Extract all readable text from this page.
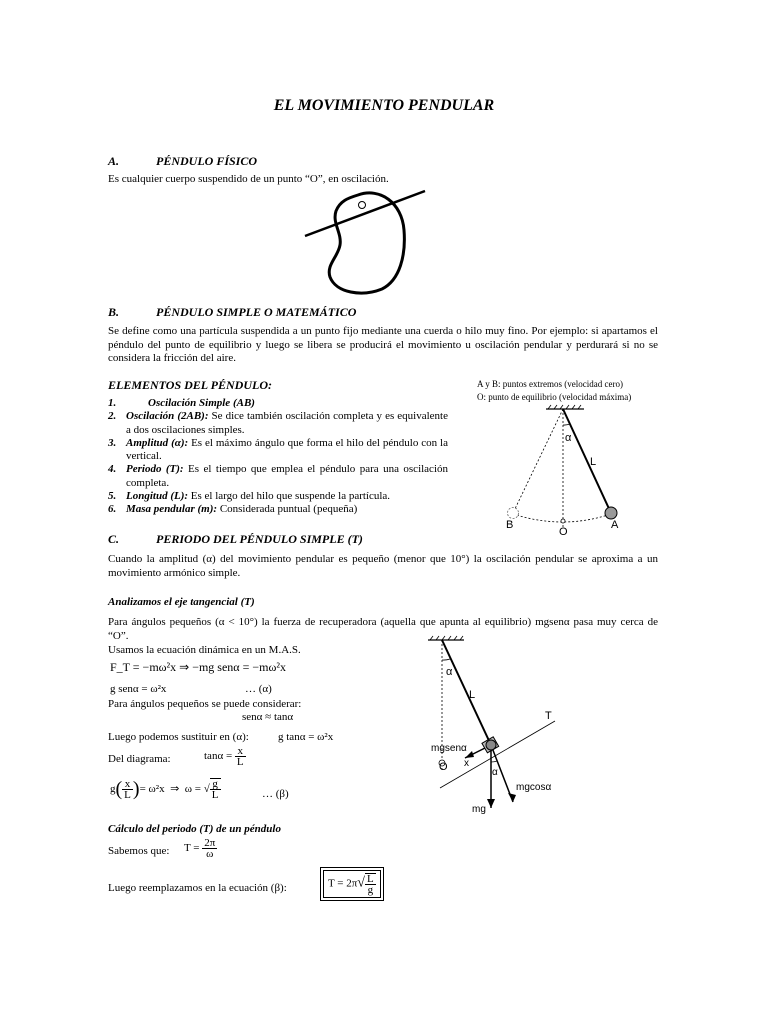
EL MOVIMIENTO PENDULAR
A.	PÉNDULO FÍSICO
Es cualquier cuerpo suspendido de un punto “O”, en oscilación.
B.	PÉNDULO SIMPLE O MATEMÁTICO
Se define como una partícula suspendida a un punto fijo mediante una cuerda o hilo muy fino. Por ejemplo: si apartamos el péndulo del punto de equilibrio y luego se libera se producirá el movimiento u oscilación pendular y perdurará si no se considera la fricción del aire.
ELEMENTOS DEL PÉNDULO:
1.	Oscilación Simple (AB)
2. Oscilación (2AB): Se dice también oscilación completa y es equivalente a dos oscilaciones simples.
3. Amplitud (α): Es el máximo ángulo que forma el hilo del péndulo con la vertical.
4. Periodo (T): Es el tiempo que emplea el péndulo para una oscilación completa.
5. Longitud (L): Es el largo del hilo que suspende la partícula.
6. Masa pendular (m): Considerada puntual (pequeña)
A y B: puntos extremos (velocidad cero)
O: punto de equilibrio (velocidad máxima)
α
L
B
O
A
C.	PERIODO DEL PÉNDULO SIMPLE (T)
Cuando la amplitud (α) del movimiento pendular es pequeño (menor que 10°) la oscilación pendular se aproxima a un movimiento armónico simple.
Analizamos el eje tangencial (T)
Para ángulos pequeños (α < 10°) la fuerza de recuperadora (aquella que apunta al equilibrio) mgsenα pasa muy cerca de “O”.
Usamos la ecuación dinámica en un M.A.S.
F_T = −mω²x ⇒ −mg senα = −mω²x
g senα = ω²x	… (α)
Para ángulos pequeños se puede considerar:
senα ≈ tanα
Luego podemos sustituir en (α):	g tanα = ω²x
Del diagrama:	$\tan\alpha = \frac{x}{L}$
$g( \frac{x}{L}$ )= ω²x  ⇒  ω = √ $\frac{g}{L}$	… (β)
α
L
T
mgsenα
O x
α
mgcosα
mg
Cálculo del periodo (T) de un péndulo
Sabemos que: $T = \frac{2\pi}{\omega}$
Luego reemplazamos en la ecuación (β):	$T = 2\pi√ \frac{L}{g}$
